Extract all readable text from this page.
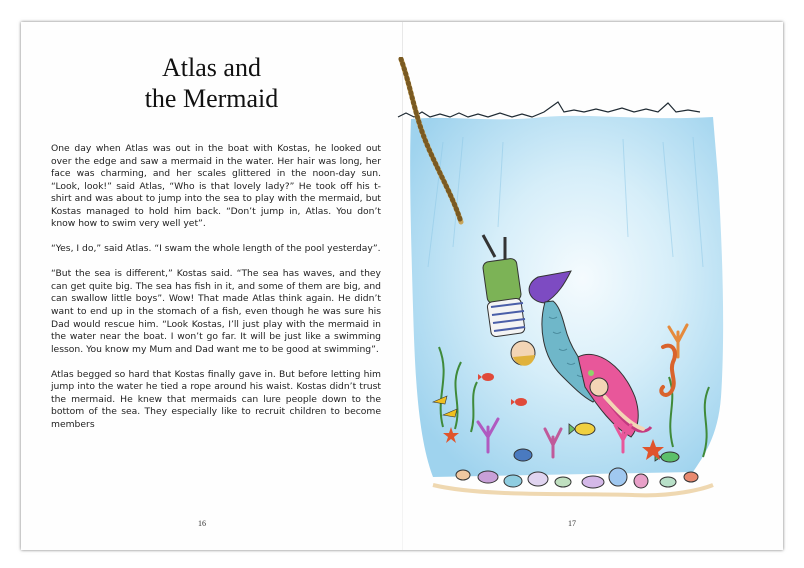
Atlas and
the Mermaid

One day when Atlas was out in the boat with Kostas, he looked out over the edge and saw a mermaid in the water. Her hair was long, her face was charming, and her scales glittered in the noon-day sun. “Look, look!” said Atlas, “Who is that lovely lady?” He took off his t-shirt and was about to jump into the sea to play with the mermaid, but Kostas managed to hold him back. “Don’t jump in, Atlas. You don’t know how to swim very well yet”.

“Yes, I do,” said Atlas. “I swam the whole length of the pool yesterday”.

“But the sea is different,” Kostas said. “The sea has waves, and they can get quite big. The sea has fish in it, and some of them are big, and can swallow little boys”. Wow! That made Atlas think again. He didn’t want to end up in the stomach of a fish, even though he was sure his Dad would rescue him. “Look Kostas, I’ll just play with the mermaid in the water near the boat. I won’t go far. It will be just like a swimming lesson. You know my Mum and Dad want me to be good at swimming”.

Atlas begged so hard that Kostas finally gave in. But before letting him jump into the water he tied a rope around his waist. Kostas didn’t trust the mermaid. He knew that mermaids can lure people down to the bottom of the sea. They especially like to recruit children to become members

16	17
